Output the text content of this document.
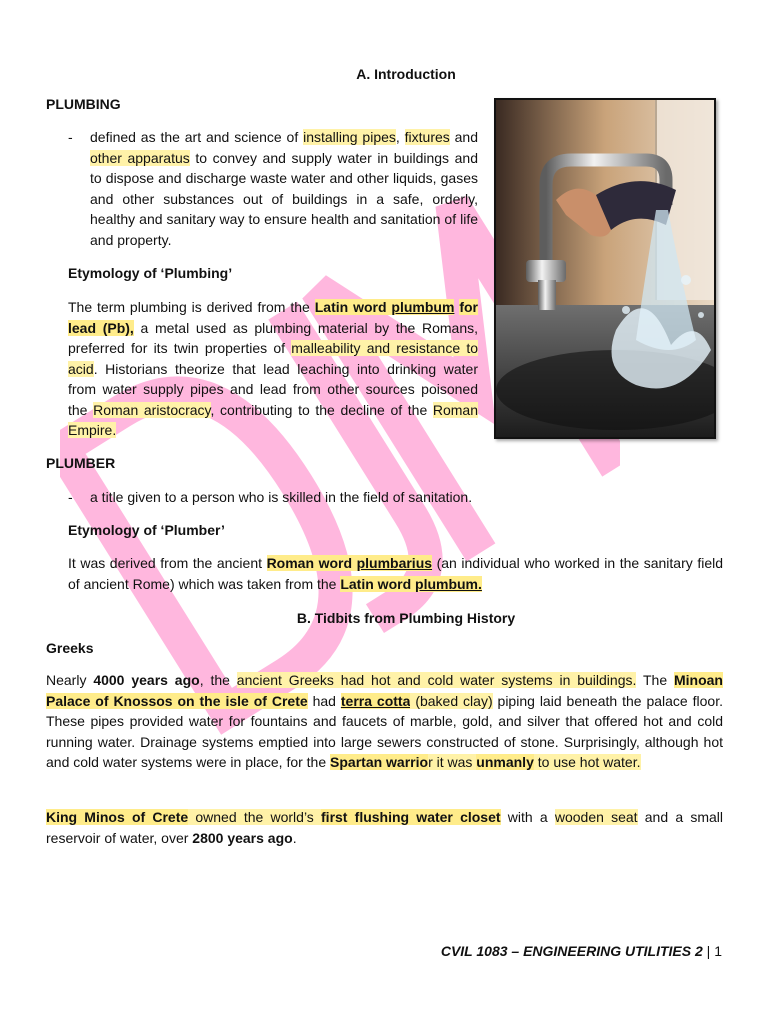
A. Introduction
PLUMBING
- defined as the art and science of installing pipes, fixtures and other apparatus to convey and supply water in buildings and to dispose and discharge waste water and other liquids, gases and other substances out of buildings in a safe, orderly, healthy and sanitary way to ensure health and sanitation of life and property.
Etymology of ‘Plumbing’
The term plumbing is derived from the Latin word plumbum for lead (Pb), a metal used as plumbing material by the Romans, preferred for its twin properties of malleability and resistance to acid. Historians theorize that lead leaching into drinking water from water supply pipes and lead from other sources poisoned the Roman aristocracy, contributing to the decline of the Roman Empire.
PLUMBER
- a title given to a person who is skilled in the field of sanitation.
Etymology of ‘Plumber’
It was derived from the ancient Roman word plumbarius (an individual who worked in the sanitary field of ancient Rome) which was taken from the Latin word plumbum.
B. Tidbits from Plumbing History
Greeks
Nearly 4000 years ago, the ancient Greeks had hot and cold water systems in buildings. The Minoan Palace of Knossos on the isle of Crete had terra cotta (baked clay) piping laid beneath the palace floor. These pipes provided water for fountains and faucets of marble, gold, and silver that offered hot and cold running water. Drainage systems emptied into large sewers constructed of stone. Surprisingly, although hot and cold water systems were in place, for the Spartan warrior it was unmanly to use hot water.
King Minos of Crete owned the world’s first flushing water closet with a wooden seat and a small reservoir of water, over 2800 years ago.
CVIL 1083 – ENGINEERING UTILITIES 2 | 1
